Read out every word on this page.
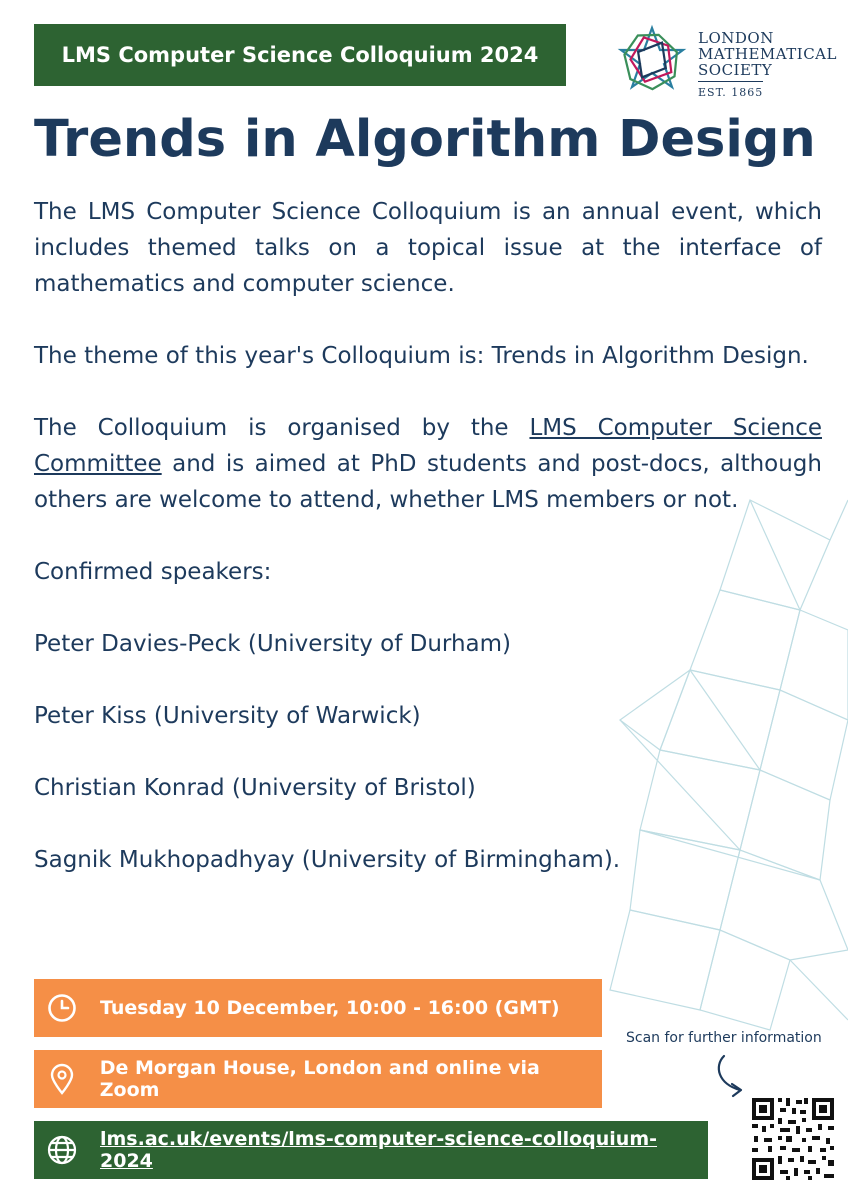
LMS Computer Science Colloquium 2024
LONDON
MATHEMATICAL
SOCIETY
EST. 1865
Trends in Algorithm Design

The LMS Computer Science Colloquium is an annual event, which includes themed talks on a topical issue at the interface of mathematics and computer science.

The theme of this year's Colloquium is: Trends in Algorithm Design.

The Colloquium is organised by the LMS Computer Science Committee and is aimed at PhD students and post-docs, although others are welcome to attend, whether LMS members or not.

Confirmed speakers:

Peter Davies-Peck (University of Durham)

Peter Kiss (University of Warwick)

Christian Konrad (University of Bristol)

Sagnik Mukhopadhyay (University of Birmingham).

Tuesday 10 December, 10:00 - 16:00 (GMT)
De Morgan House, London and online via Zoom
lms.ac.uk/events/lms-computer-science-colloquium-2024
Scan for further information
